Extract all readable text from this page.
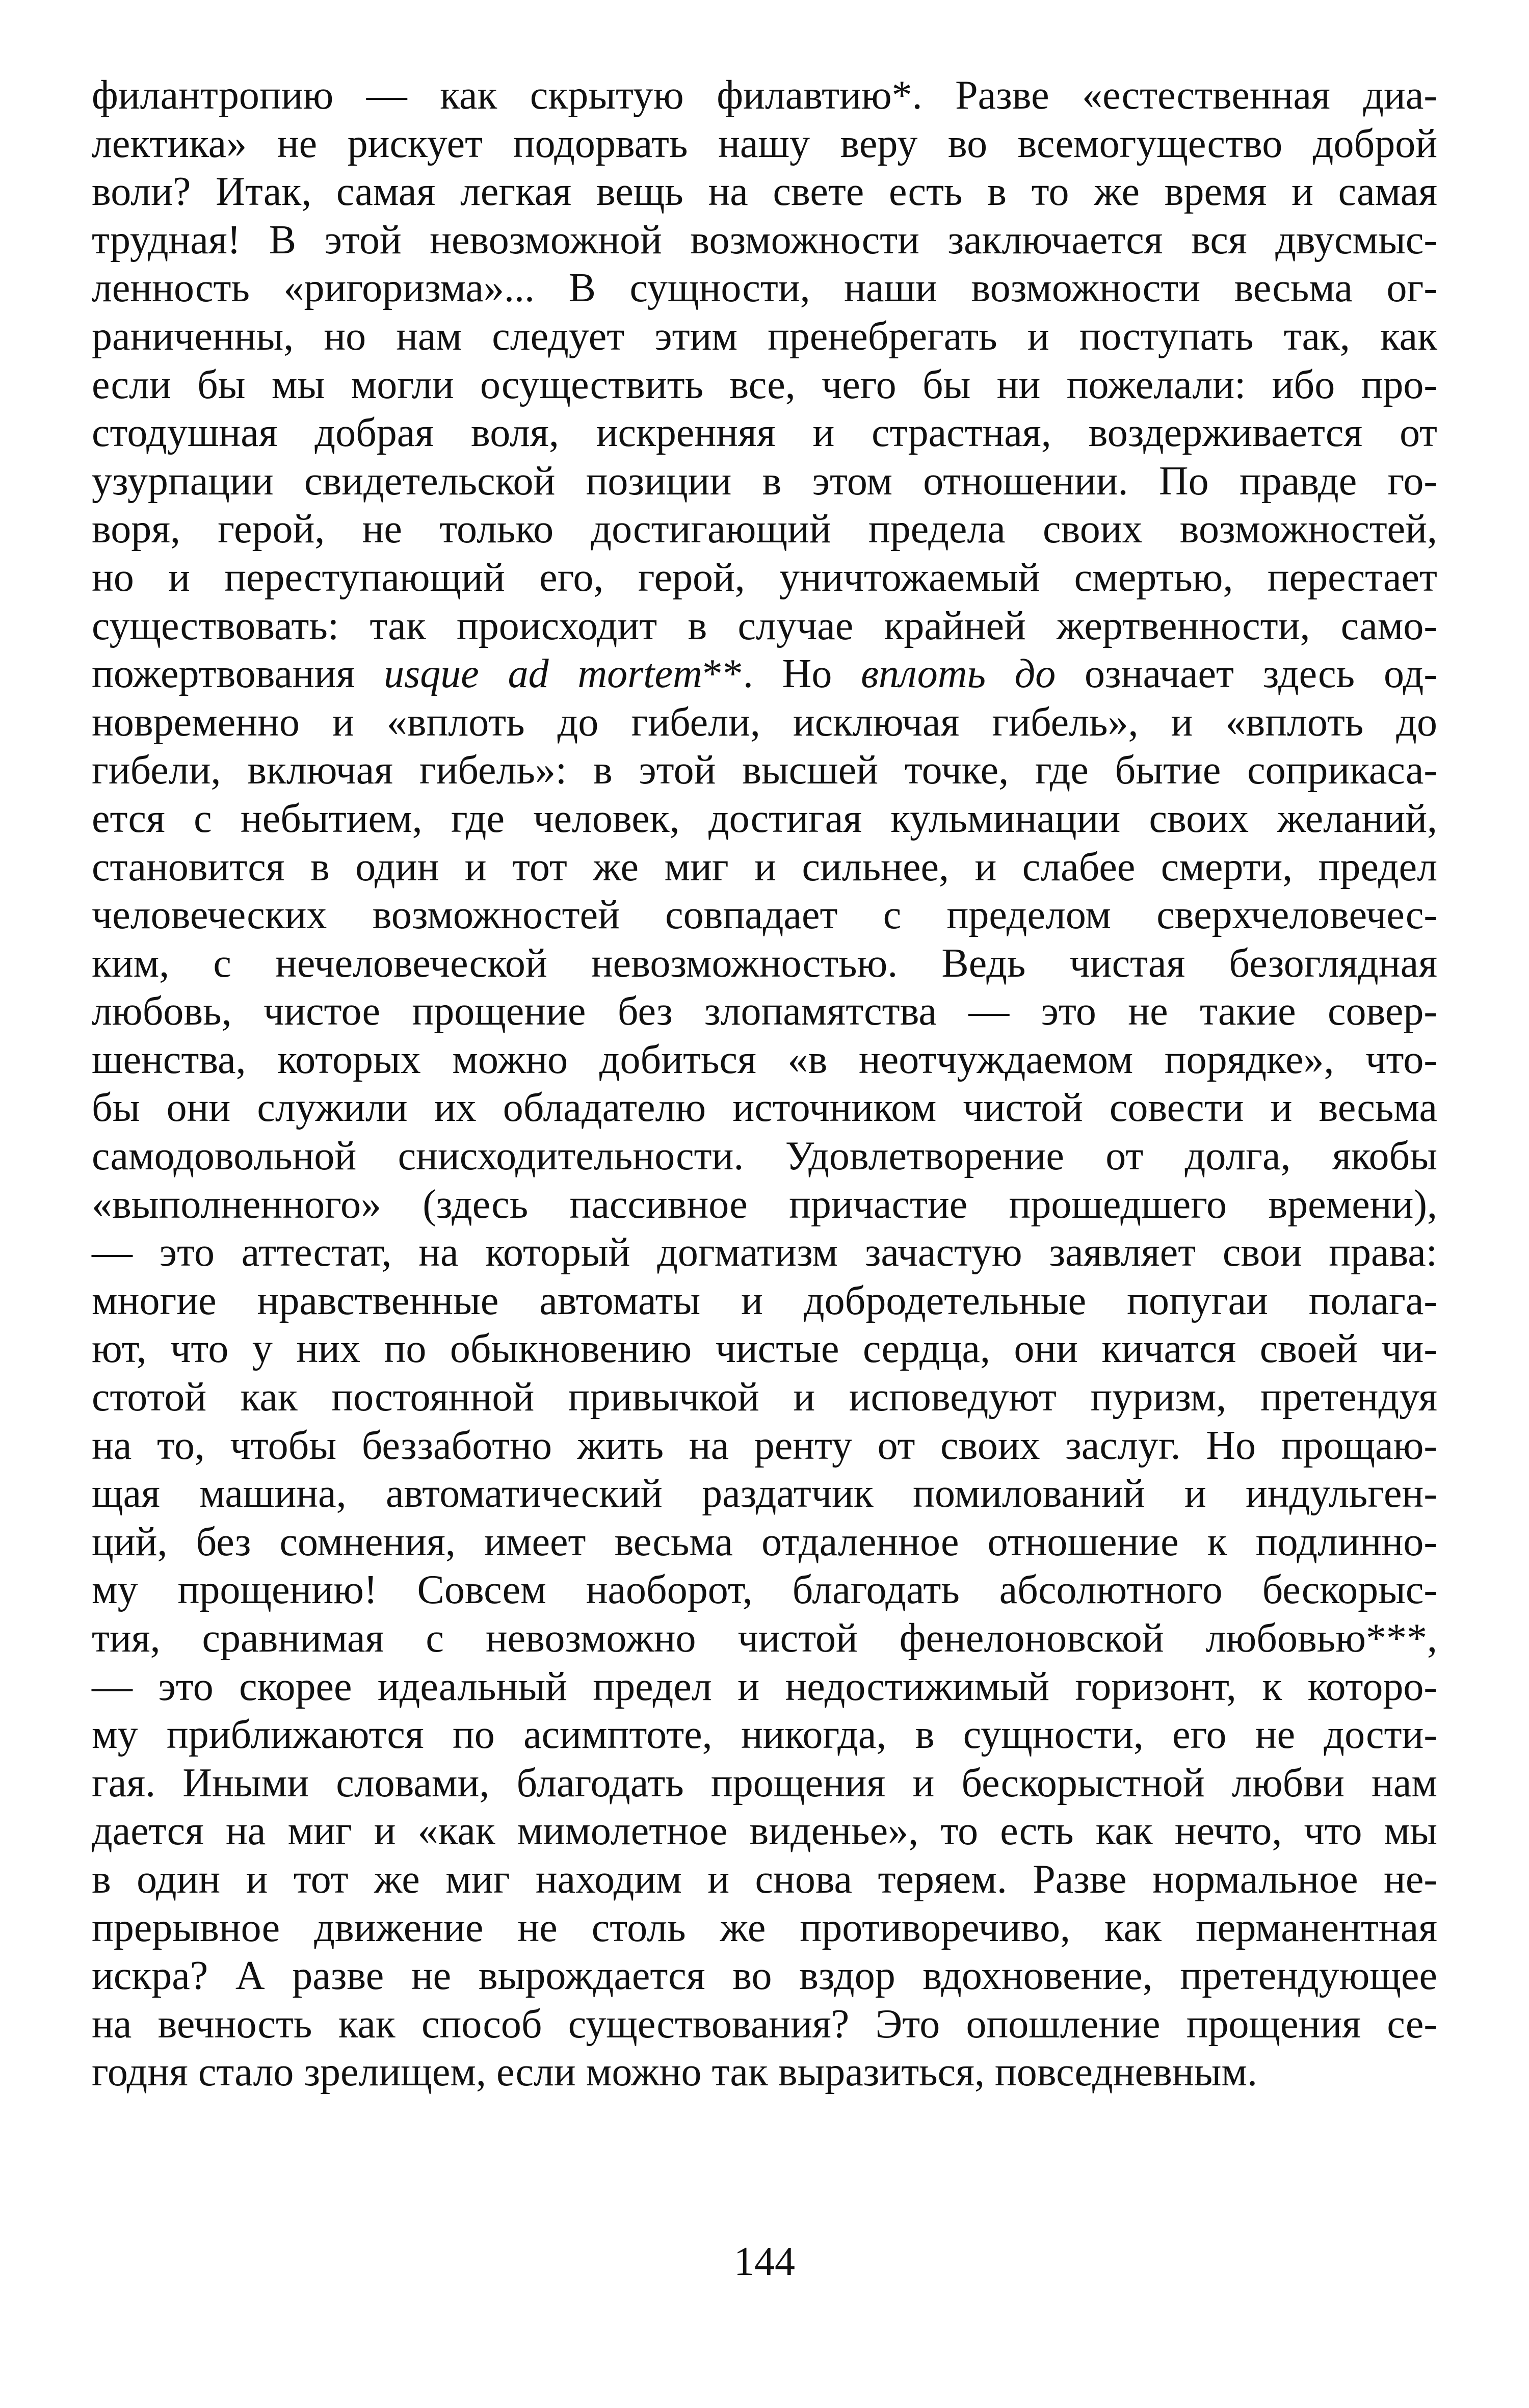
филантропию — как скрытую филавтию*. Разве «естественная диа-
лектика» не рискует подорвать нашу веру во всемогущество доброй
воли? Итак, самая легкая вещь на свете есть в то же время и самая
трудная! В этой невозможной возможности заключается вся двусмыс-
ленность «ригоризма»... В сущности, наши возможности весьма ог-
раниченны, но нам следует этим пренебрегать и поступать так, как
если бы мы могли осуществить все, чего бы ни пожелали: ибо про-
стодушная добрая воля, искренняя и страстная, воздерживается от
узурпации свидетельской позиции в этом отношении. По правде го-
воря, герой, не только достигающий предела своих возможностей,
но и переступающий его, герой, уничтожаемый смертью, перестает
существовать: так происходит в случае крайней жертвенности, само-
пожертвования usque ad mortem**. Но вплоть до означает здесь од-
новременно и «вплоть до гибели, исключая гибель», и «вплоть до
гибели, включая гибель»: в этой высшей точке, где бытие соприкаса-
ется с небытием, где человек, достигая кульминации своих желаний,
становится в один и тот же миг и сильнее, и слабее смерти, предел
человеческих возможностей совпадает с пределом сверхчеловечес-
ким, с нечеловеческой невозможностью. Ведь чистая безоглядная
любовь, чистое прощение без злопамятства — это не такие совер-
шенства, которых можно добиться «в неотчуждаемом порядке», что-
бы они служили их обладателю источником чистой совести и весьма
самодовольной снисходительности. Удовлетворение от долга, якобы
«выполненного» (здесь пассивное причастие прошедшего времени),
— это аттестат, на который догматизм зачастую заявляет свои права:
многие нравственные автоматы и добродетельные попугаи полага-
ют, что у них по обыкновению чистые сердца, они кичатся своей чи-
стотой как постоянной привычкой и исповедуют пуризм, претендуя
на то, чтобы беззаботно жить на ренту от своих заслуг. Но прощаю-
щая машина, автоматический раздатчик помилований и индульген-
ций, без сомнения, имеет весьма отдаленное отношение к подлинно-
му прощению! Совсем наоборот, благодать абсолютного бескорыс-
тия, сравнимая с невозможно чистой фенелоновской любовью***,
— это скорее идеальный предел и недостижимый горизонт, к которо-
му приближаются по асимптоте, никогда, в сущности, его не дости-
гая. Иными словами, благодать прощения и бескорыстной любви нам
дается на миг и «как мимолетное виденье», то есть как нечто, что мы
в один и тот же миг находим и снова теряем. Разве нормальное не-
прерывное движение не столь же противоречиво, как перманентная
искра? А разве не вырождается во вздор вдохновение, претендующее
на вечность как способ существования? Это опошление прощения се-
годня стало зрелищем, если можно так выразиться, повседневным.
144
